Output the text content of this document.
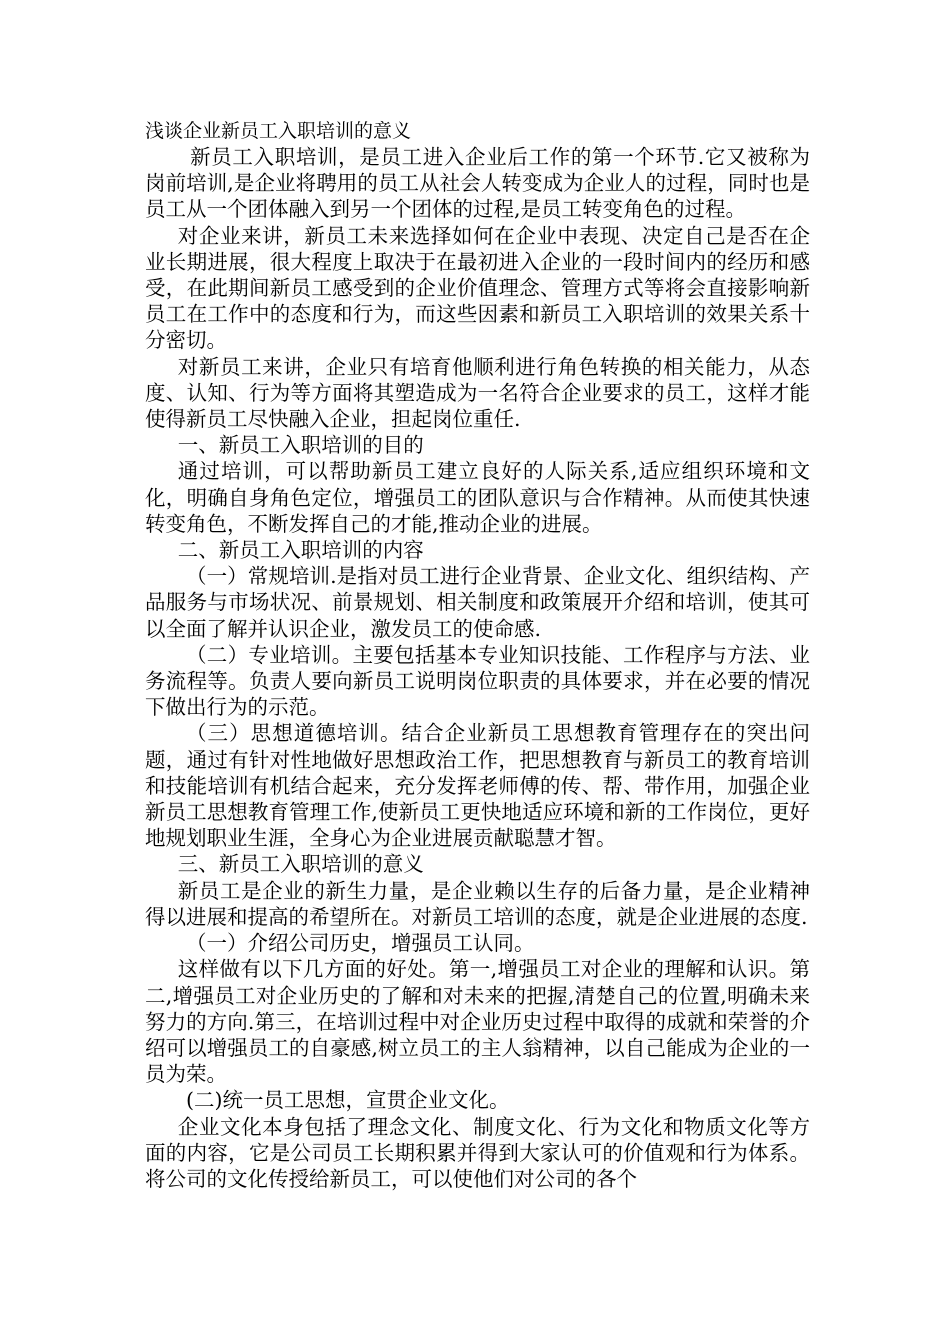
浅谈企业新员工入职培训的意义

新员工入职培训，是员工进入企业后工作的第一个环节.它又被称为岗前培训,是企业将聘用的员工从社会人转变成为企业人的过程，同时也是员工从一个团体融入到另一个团体的过程,是员工转变角色的过程。

对企业来讲，新员工未来选择如何在企业中表现、决定自己是否在企业长期进展，很大程度上取决于在最初进入企业的一段时间内的经历和感受，在此期间新员工感受到的企业价值理念、管理方式等将会直接影响新员工在工作中的态度和行为，而这些因素和新员工入职培训的效果关系十分密切。

对新员工来讲，企业只有培育他顺利进行角色转换的相关能力，从态度、认知、行为等方面将其塑造成为一名符合企业要求的员工，这样才能使得新员工尽快融入企业，担起岗位重任.

一、新员工入职培训的目的

通过培训，可以帮助新员工建立良好的人际关系,适应组织环境和文化，明确自身角色定位，增强员工的团队意识与合作精神。从而使其快速转变角色，不断发挥自己的才能,推动企业的进展。

二、新员工入职培训的内容

（一）常规培训.是指对员工进行企业背景、企业文化、组织结构、产品服务与市场状况、前景规划、相关制度和政策展开介绍和培训，使其可以全面了解并认识企业，激发员工的使命感.

（二）专业培训。主要包括基本专业知识技能、工作程序与方法、业务流程等。负责人要向新员工说明岗位职责的具体要求，并在必要的情况下做出行为的示范。

（三）思想道德培训。结合企业新员工思想教育管理存在的突出问题，通过有针对性地做好思想政治工作，把思想教育与新员工的教育培训和技能培训有机结合起来，充分发挥老师傅的传、帮、带作用，加强企业新员工思想教育管理工作,使新员工更快地适应环境和新的工作岗位，更好地规划职业生涯，全身心为企业进展贡献聪慧才智。

三、新员工入职培训的意义

新员工是企业的新生力量，是企业赖以生存的后备力量，是企业精神得以进展和提高的希望所在。对新员工培训的态度，就是企业进展的态度.

（一）介绍公司历史，增强员工认同。

这样做有以下几方面的好处。第一,增强员工对企业的理解和认识。第二,增强员工对企业历史的了解和对未来的把握,清楚自己的位置,明确未来努力的方向.第三，在培训过程中对企业历史过程中取得的成就和荣誉的介绍可以增强员工的自豪感,树立员工的主人翁精神，以自己能成为企业的一员为荣。

(二)统一员工思想，宣贯企业文化。

企业文化本身包括了理念文化、制度文化、行为文化和物质文化等方面的内容，它是公司员工长期积累并得到大家认可的价值观和行为体系。将公司的文化传授给新员工，可以使他们对公司的各个
